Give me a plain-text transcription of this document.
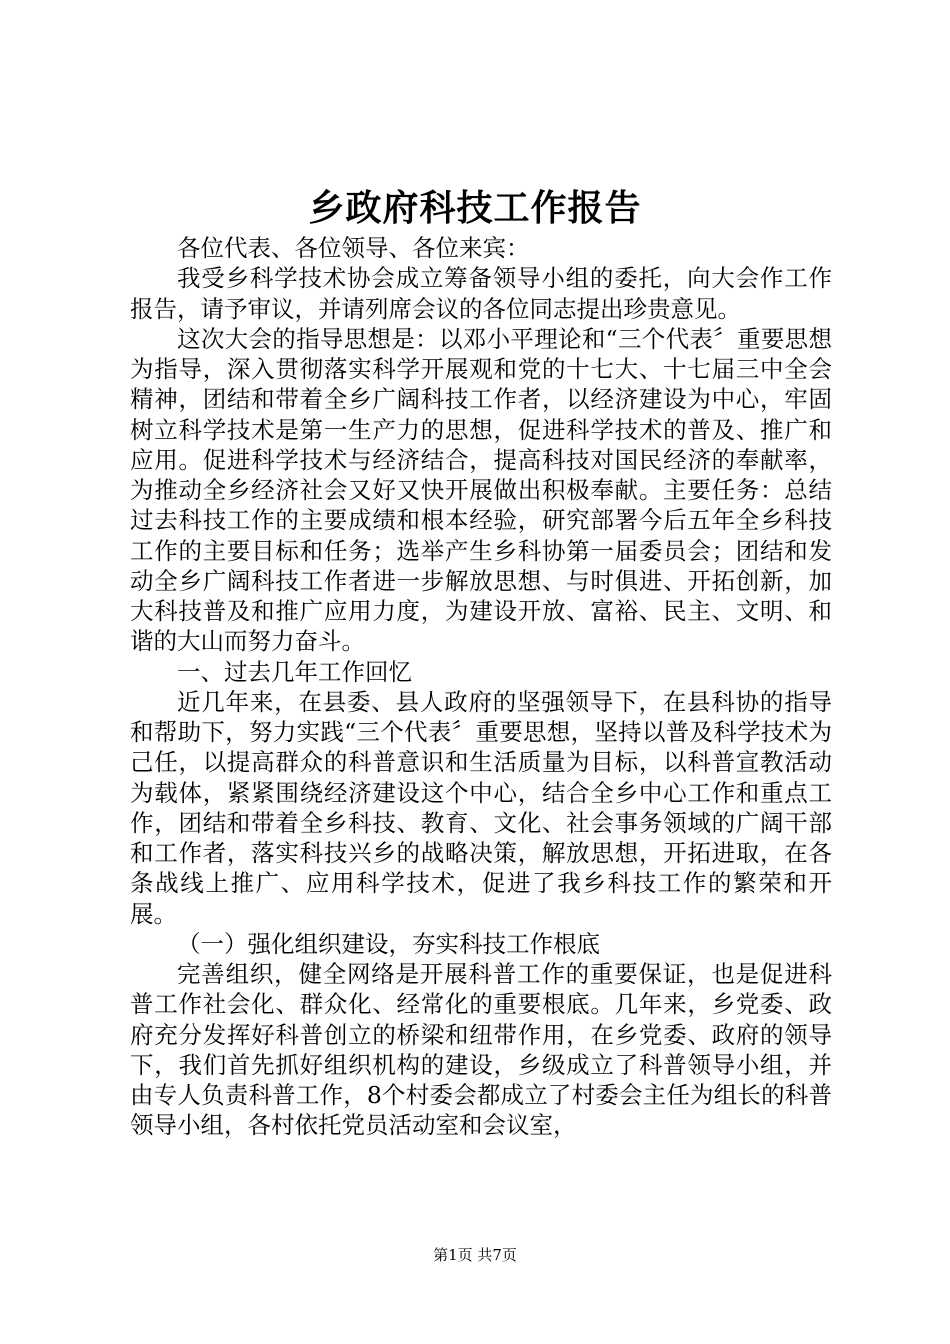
乡政府科技工作报告

各位代表、各位领导、各位来宾：

我受乡科学技术协会成立筹备领导小组的委托，向大会作工作报告，请予审议，并请列席会议的各位同志提出珍贵意见。

这次大会的指导思想是：以邓小平理论和“三个代表〞重要思想为指导，深入贯彻落实科学开展观和党的十七大、十七届三中全会精神，团结和带着全乡广阔科技工作者，以经济建设为中心，牢固树立科学技术是第一生产力的思想，促进科学技术的普及、推广和应用。促进科学技术与经济结合，提高科技对国民经济的奉献率，为推动全乡经济社会又好又快开展做出积极奉献。主要任务：总结过去科技工作的主要成绩和根本经验，研究部署今后五年全乡科技工作的主要目标和任务；选举产生乡科协第一届委员会；团结和发动全乡广阔科技工作者进一步解放思想、与时俱进、开拓创新，加大科技普及和推广应用力度，为建设开放、富裕、民主、文明、和谐的大山而努力奋斗。

一、过去几年工作回忆

近几年来，在县委、县人政府的坚强领导下，在县科协的指导和帮助下，努力实践“三个代表〞重要思想，坚持以普及科学技术为己任，以提高群众的科普意识和生活质量为目标，以科普宣教活动为载体，紧紧围绕经济建设这个中心，结合全乡中心工作和重点工作，团结和带着全乡科技、教育、文化、社会事务领域的广阔干部和工作者，落实科技兴乡的战略决策，解放思想，开拓进取，在各条战线上推广、应用科学技术，促进了我乡科技工作的繁荣和开展。

（一）强化组织建设，夯实科技工作根底

完善组织，健全网络是开展科普工作的重要保证，也是促进科普工作社会化、群众化、经常化的重要根底。几年来，乡党委、政府充分发挥好科普创立的桥梁和纽带作用，在乡党委、政府的领导下，我们首先抓好组织机构的建设，乡级成立了科普领导小组，并由专人负责科普工作，8个村委会都成立了村委会主任为组长的科普领导小组，各村依托党员活动室和会议室，

第1页 共7页
